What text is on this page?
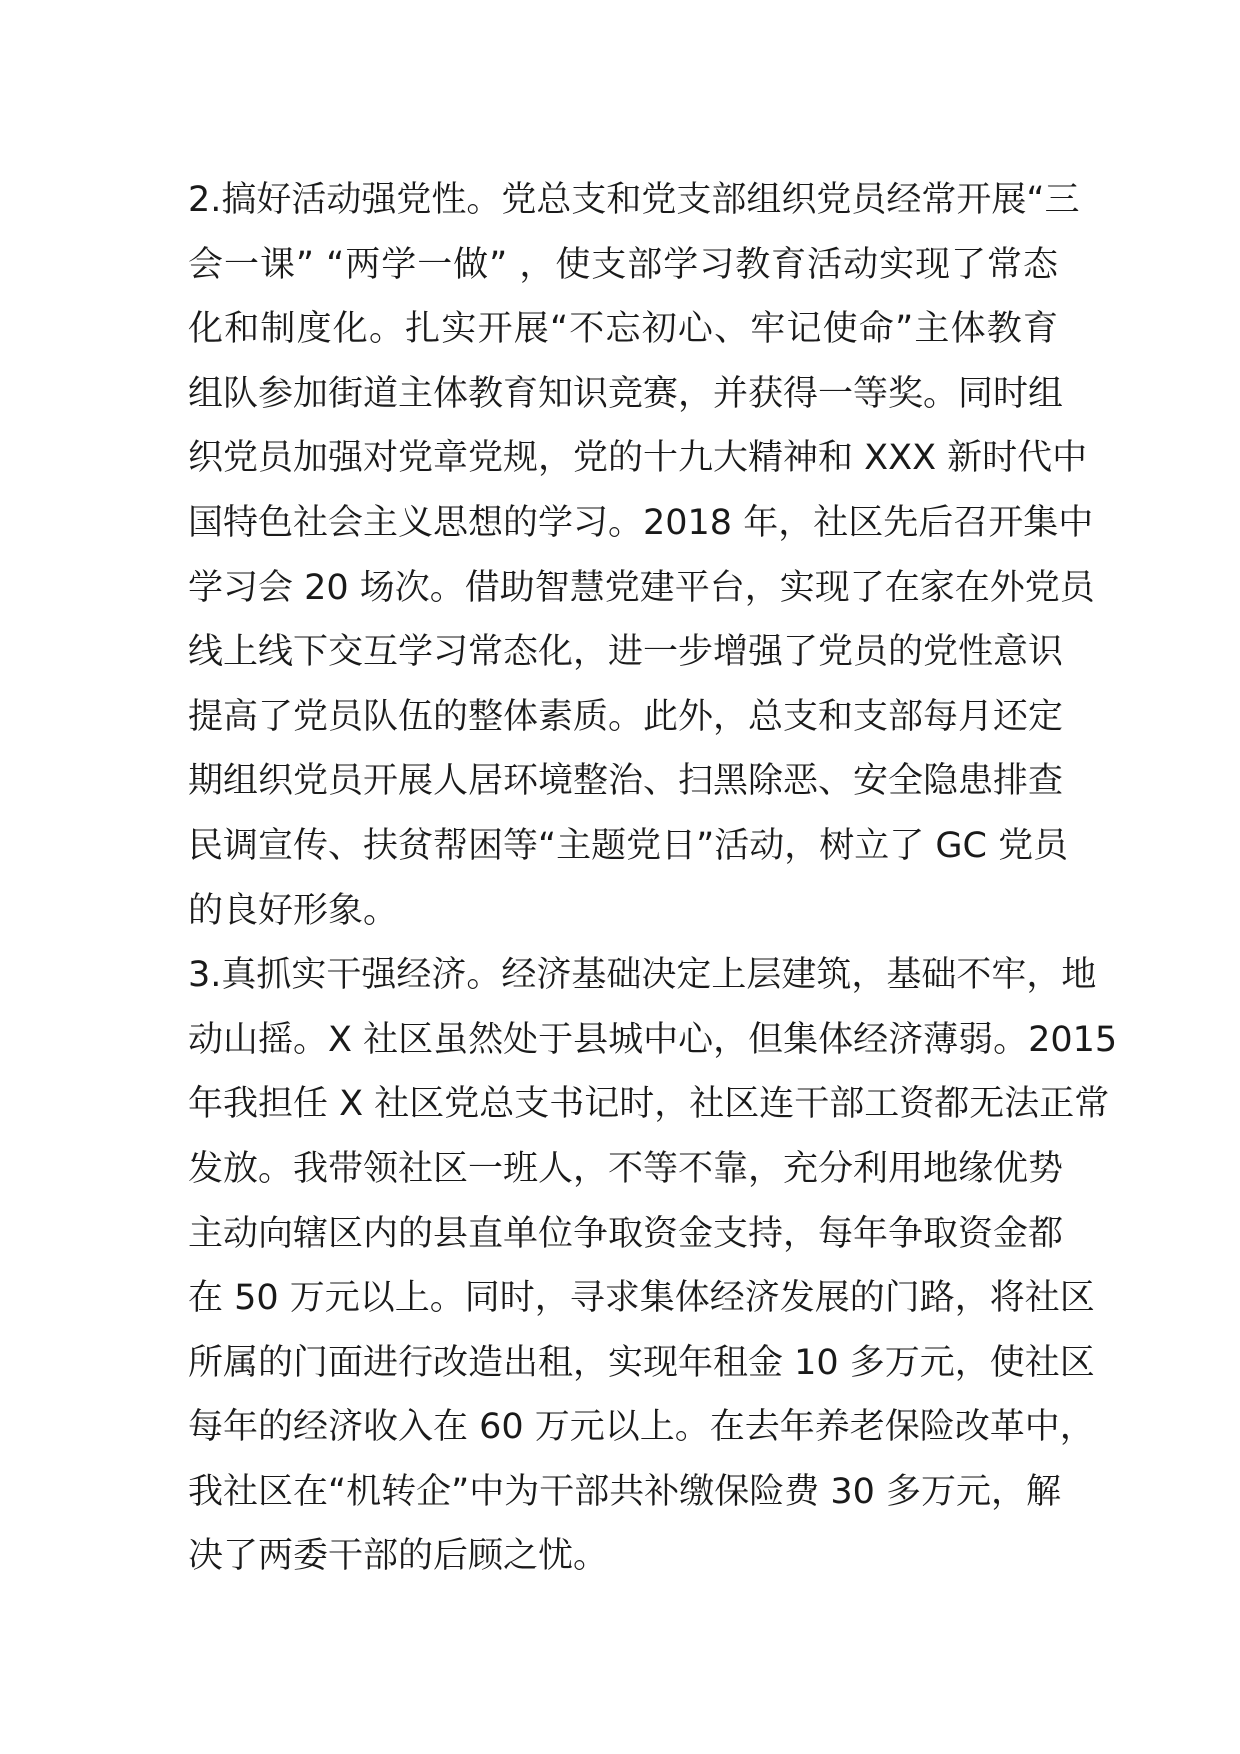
2.搞好活动强党性。党总支和党支部组织党员经常开展“三
会一课” “两学一做” ，使支部学习教育活动实现了常态
化和制度化。扎实开展“不忘初心、牢记使命”主体教育
组队参加街道主体教育知识竞赛，并获得一等奖。同时组
织党员加强对党章党规，党的十九大精神和 XXX 新时代中
国特色社会主义思想的学习。2018 年，社区先后召开集中
学习会 20 场次。借助智慧党建平台，实现了在家在外党员
线上线下交互学习常态化，进一步增强了党员的党性意识
提高了党员队伍的整体素质。此外，总支和支部每月还定
期组织党员开展人居环境整治、扫黑除恶、安全隐患排查
民调宣传、扶贫帮困等“主题党日”活动，树立了 GC 党员
的良好形象。
3.真抓实干强经济。经济基础决定上层建筑，基础不牢，地
动山摇。X 社区虽然处于县城中心，但集体经济薄弱。2015
年我担任 X 社区党总支书记时，社区连干部工资都无法正常
发放。我带领社区一班人，不等不靠，充分利用地缘优势
主动向辖区内的县直单位争取资金支持，每年争取资金都
在 50 万元以上。同时，寻求集体经济发展的门路，将社区
所属的门面进行改造出租，实现年租金 10 多万元，使社区
每年的经济收入在 60 万元以上。在去年养老保险改革中，
我社区在“机转企”中为干部共补缴保险费 30 多万元，解
决了两委干部的后顾之忧。
